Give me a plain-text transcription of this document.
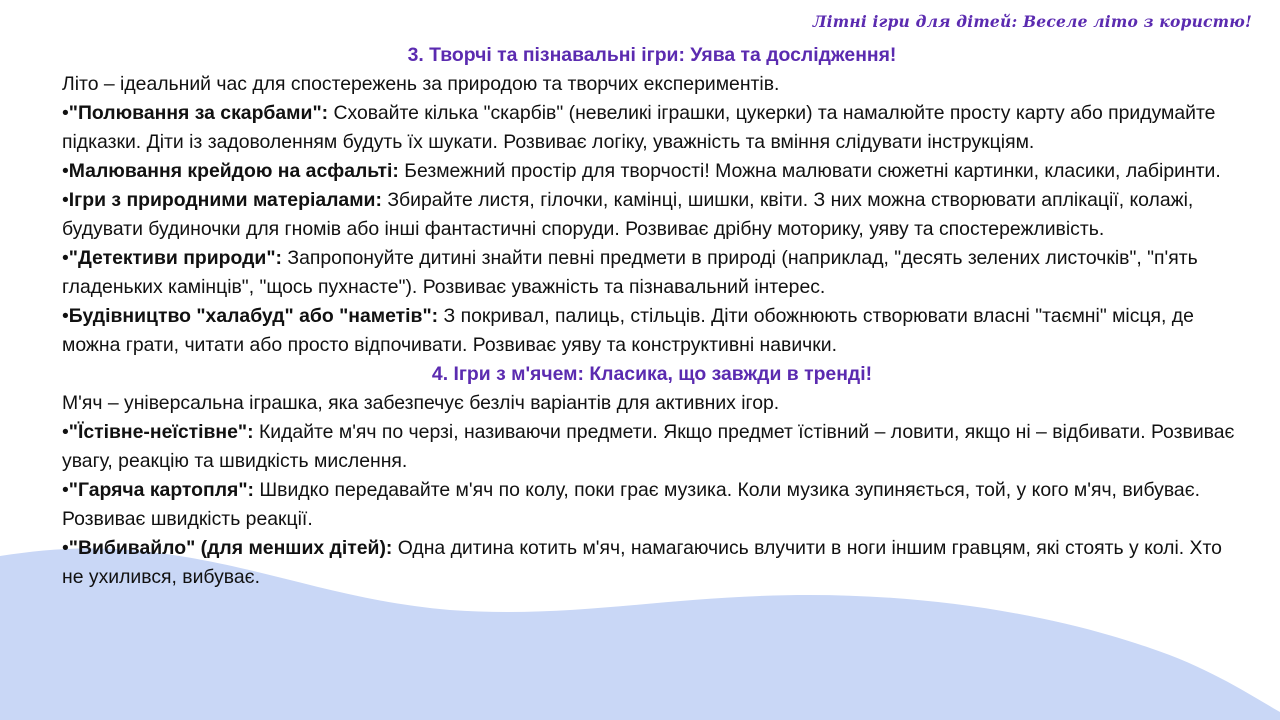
Літні ігри для дітей: Веселе літо з користю!

3. Творчі та пізнавальні ігри: Уява та дослідження!

Літо – ідеальний час для спостережень за природою та творчих експериментів.

•"Полювання за скарбами": Сховайте кілька "скарбів" (невеликі іграшки, цукерки) та намалюйте просту карту або придумайте підказки. Діти із задоволенням будуть їх шукати. Розвиває логіку, уважність та вміння слідувати інструкціям.

•Малювання крейдою на асфальті: Безмежний простір для творчості! Можна малювати сюжетні картинки, класики, лабіринти.

•Ігри з природними матеріалами: Збирайте листя, гілочки, камінці, шишки, квіти. З них можна створювати аплікації, колажі, будувати будиночки для гномів або інші фантастичні споруди. Розвиває дрібну моторику, уяву та спостережливість.

•"Детективи природи": Запропонуйте дитині знайти певні предмети в природі (наприклад, "десять зелених листочків", "п'ять гладеньких камінців", "щось пухнасте"). Розвиває уважність та пізнавальний інтерес.

•Будівництво "халабуд" або "наметів": З покривал, палиць, стільців. Діти обожнюють створювати власні "таємні" місця, де можна грати, читати або просто відпочивати. Розвиває уяву та конструктивні навички.

4. Ігри з м'ячем: Класика, що завжди в тренді!

М'яч – універсальна іграшка, яка забезпечує безліч варіантів для активних ігор.

•"Їстівне-неїстівне": Кидайте м'яч по черзі, називаючи предмети. Якщо предмет їстівний – ловити, якщо ні – відбивати. Розвиває увагу, реакцію та швидкість мислення.

•"Гаряча картопля": Швидко передавайте м'яч по колу, поки грає музика. Коли музика зупиняється, той, у кого м'яч, вибуває. Розвиває швидкість реакції.

•"Вибивайло" (для менших дітей): Одна дитина котить м'яч, намагаючись влучити в ноги іншим гравцям, які стоять у колі. Хто не ухилився, вибуває.
